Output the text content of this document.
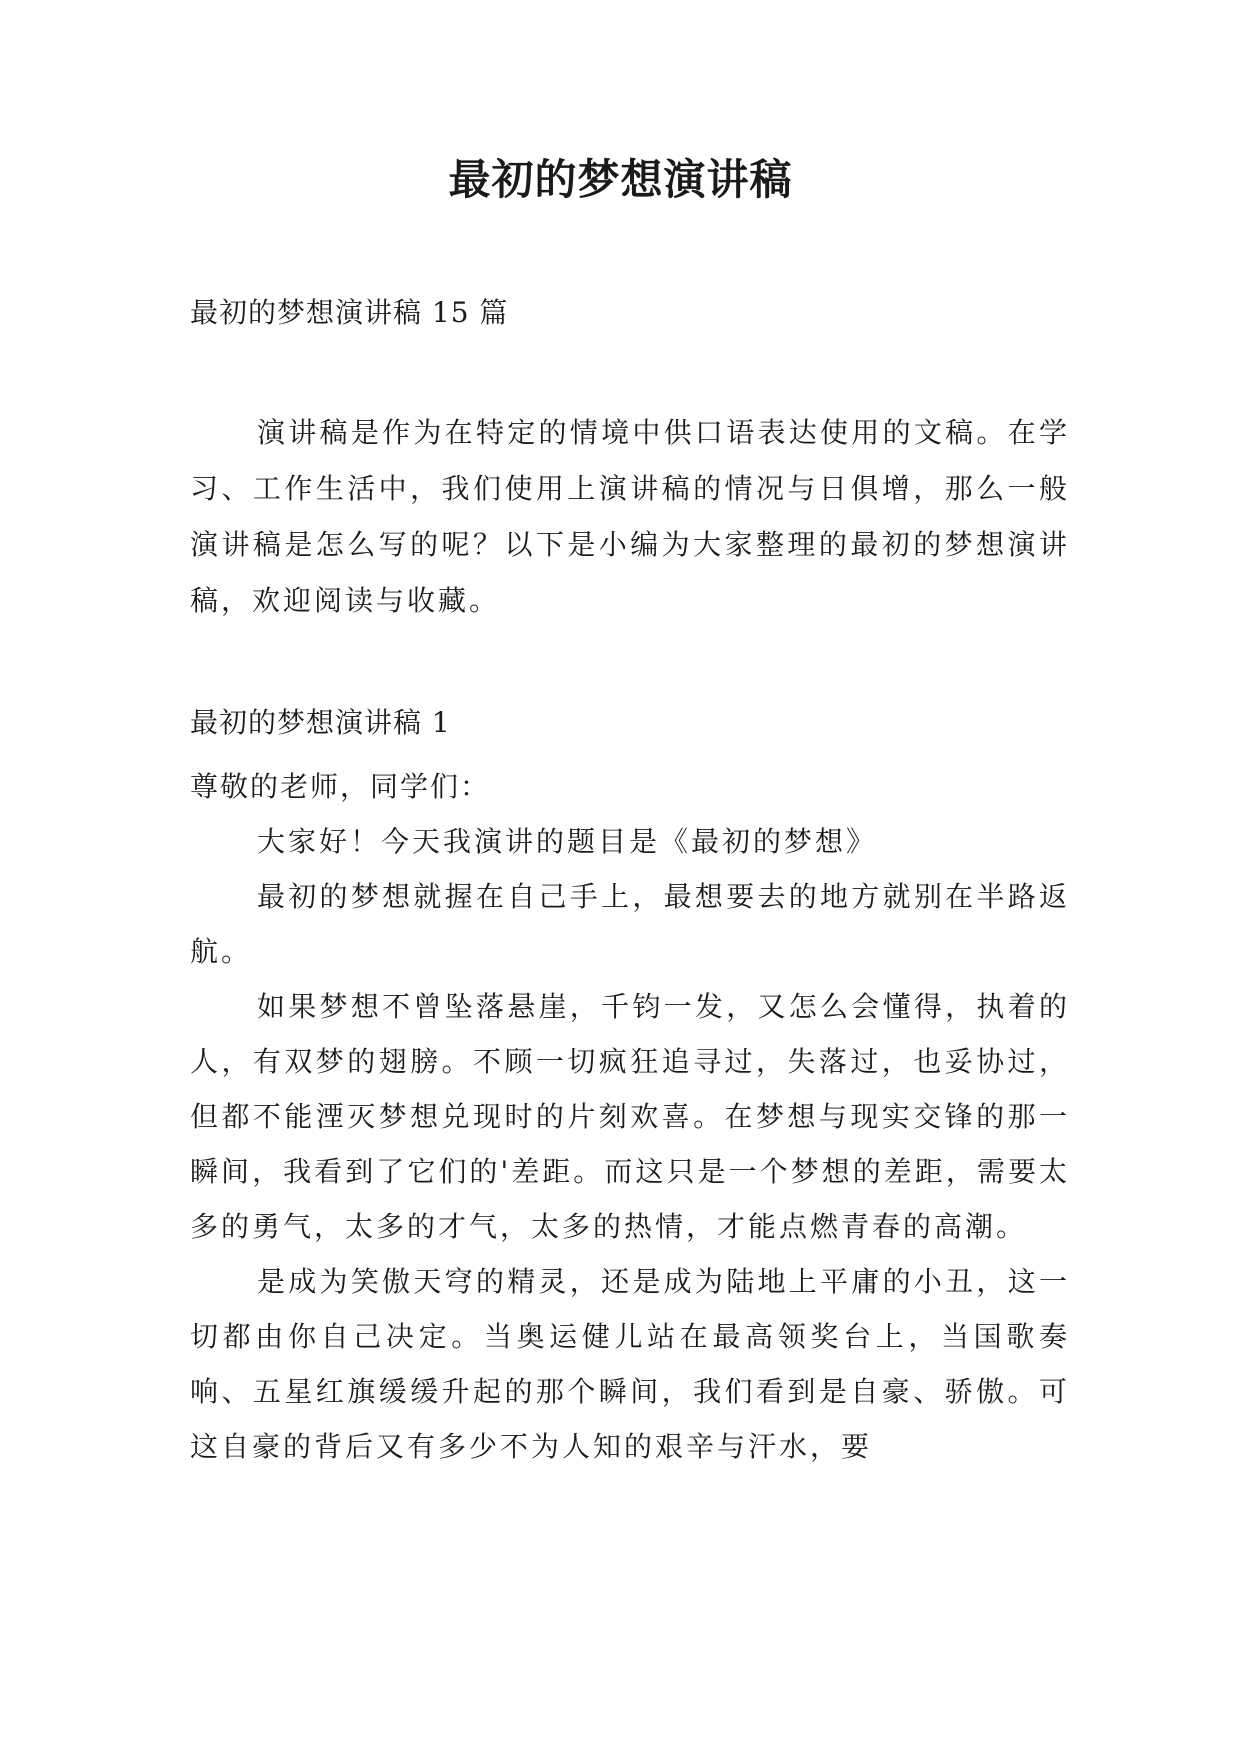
最初的梦想演讲稿
最初的梦想演讲稿 15 篇

演讲稿是作为在特定的情境中供口语表达使用的文稿。在学习、工作生活中，我们使用上演讲稿的情况与日俱增，那么一般演讲稿是怎么写的呢？以下是小编为大家整理的最初的梦想演讲稿，欢迎阅读与收藏。

最初的梦想演讲稿 1

尊敬的老师，同学们：

大家好！今天我演讲的题目是《最初的梦想》

最初的梦想就握在自己手上，最想要去的地方就别在半路返航。

如果梦想不曾坠落悬崖，千钧一发，又怎么会懂得，执着的人，有双梦的翅膀。不顾一切疯狂追寻过，失落过，也妥协过，但都不能湮灭梦想兑现时的片刻欢喜。在梦想与现实交锋的那一瞬间，我看到了它们的'差距。而这只是一个梦想的差距，需要太多的勇气，太多的才气，太多的热情，才能点燃青春的高潮。

是成为笑傲天穹的精灵，还是成为陆地上平庸的小丑，这一切都由你自己决定。当奥运健儿站在最高领奖台上，当国歌奏响、五星红旗缓缓升起的那个瞬间，我们看到是自豪、骄傲。可这自豪的背后又有多少不为人知的艰辛与汗水，要
